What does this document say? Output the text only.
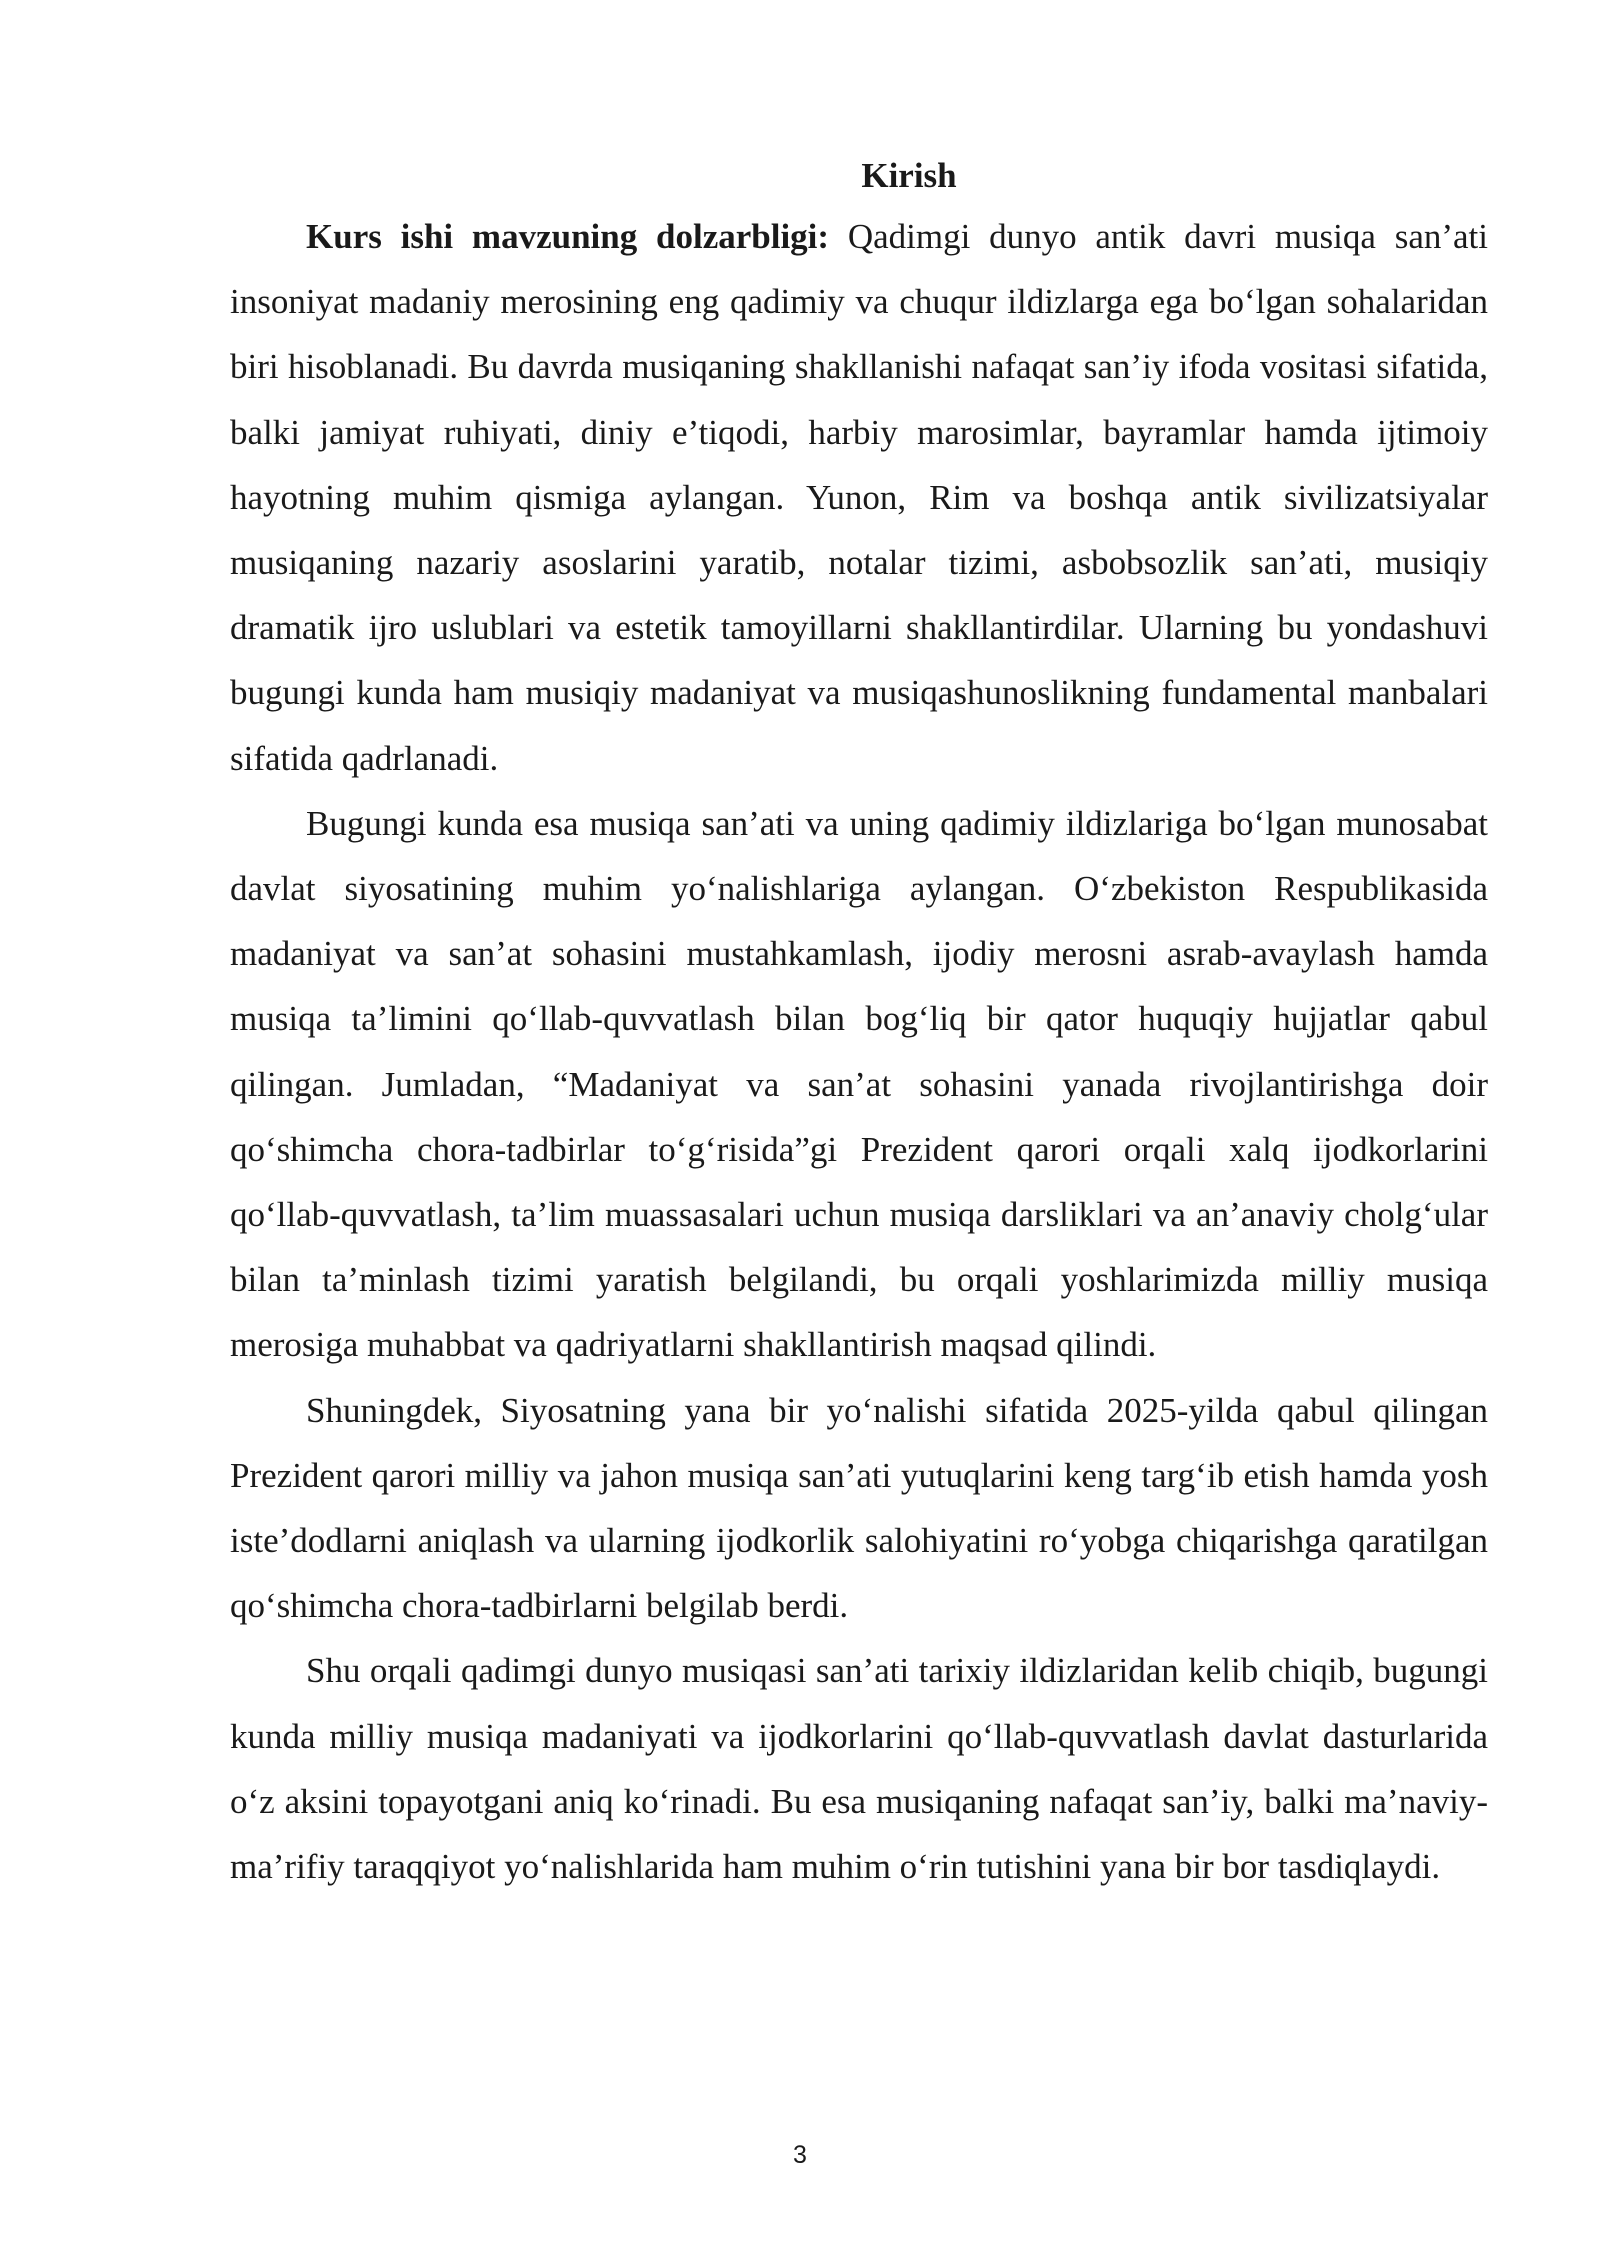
Kirish

Kurs ishi mavzuning dolzarbligi: Qadimgi dunyo antik davri musiqa san’ati insoniyat madaniy merosining eng qadimiy va chuqur ildizlarga ega bo‘lgan sohalaridan biri hisoblanadi. Bu davrda musiqaning shakllanishi nafaqat san’iy ifoda vositasi sifatida, balki jamiyat ruhiyati, diniy e’tiqodi, harbiy marosimlar, bayramlar hamda ijtimoiy hayotning muhim qismiga aylangan. Yunon, Rim va boshqa antik sivilizatsiyalar musiqaning nazariy asoslarini yaratib, notalar tizimi, asbobsozlik san’ati, musiqiy dramatik ijro uslublari va estetik tamoyillarni shakllantirdilar. Ularning bu yondashuvi bugungi kunda ham musiqiy madaniyat va musiqashunoslikning fundamental manbalari sifatida qadrlanadi.

Bugungi kunda esa musiqa san’ati va uning qadimiy ildizlariga bo‘lgan munosabat davlat siyosatining muhim yo‘nalishlariga aylangan. O‘zbekiston Respublikasida madaniyat va san’at sohasini mustahkamlash, ijodiy merosni asrab-avaylash hamda musiqa ta’limini qo‘llab-quvvatlash bilan bog‘liq bir qator huquqiy hujjatlar qabul qilingan. Jumladan, “Madaniyat va san’at sohasini yanada rivojlantirishga doir qo‘shimcha chora-tadbirlar to‘g‘risida”gi Prezident qarori orqali xalq ijodkorlarini qo‘llab-quvvatlash, ta’lim muassasalari uchun musiqa darsliklari va an’anaviy cholg‘ular bilan ta’minlash tizimi yaratish belgilandi, bu orqali yoshlarimizda milliy musiqa merosiga muhabbat va qadriyatlarni shakllantirish maqsad qilindi.

Shuningdek, Siyosatning yana bir yo‘nalishi sifatida 2025-yilda qabul qilingan Prezident qarori milliy va jahon musiqa san’ati yutuqlarini keng targ‘ib etish hamda yosh iste’dodlarni aniqlash va ularning ijodkorlik salohiyatini ro‘yobga chiqarishga qaratilgan qo‘shimcha chora-tadbirlarni belgilab berdi.

Shu orqali qadimgi dunyo musiqasi san’ati tarixiy ildizlaridan kelib chiqib, bugungi kunda milliy musiqa madaniyati va ijodkorlarini qo‘llab-quvvatlash davlat dasturlarida o‘z aksini topayotgani aniq ko‘rinadi. Bu esa musiqaning nafaqat san’iy, balki ma’naviy-ma’rifiy taraqqiyot yo‘nalishlarida ham muhim o‘rin tutishini yana bir bor tasdiqlaydi.

3
